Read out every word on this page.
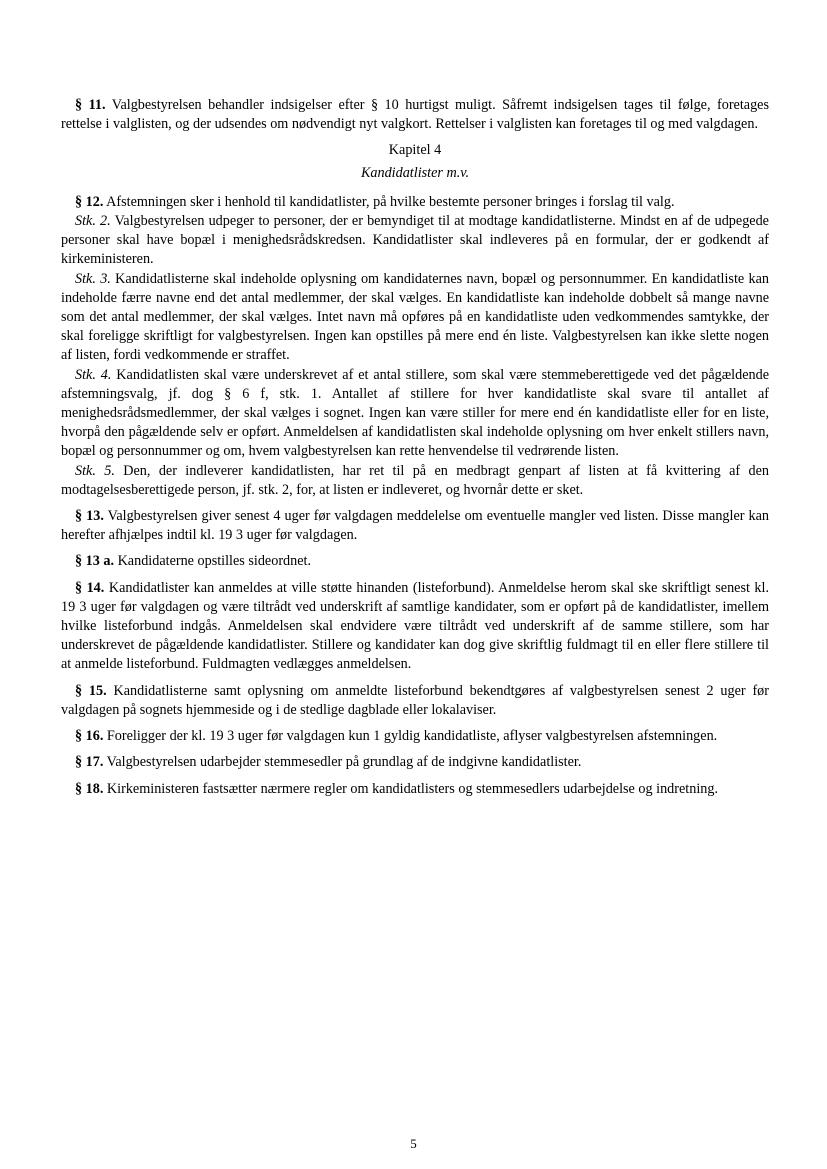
§ 11. Valgbestyrelsen behandler indsigelser efter § 10 hurtigst muligt. Såfremt indsigelsen tages til følge, foretages rettelse i valglisten, og der udsendes om nødvendigt nyt valgkort. Rettelser i valglisten kan foretages til og med valgdagen.

Kapitel 4

Kandidatlister m.v.

§ 12. Afstemningen sker i henhold til kandidatlister, på hvilke bestemte personer bringes i forslag til valg.

Stk. 2. Valgbestyrelsen udpeger to personer, der er bemyndiget til at modtage kandidatlisterne. Mindst en af de udpegede personer skal have bopæl i menighedsrådskredsen. Kandidatlister skal indleveres på en formular, der er godkendt af kirkeministeren.

Stk. 3. Kandidatlisterne skal indeholde oplysning om kandidaternes navn, bopæl og personnummer. En kandidatliste kan indeholde færre navne end det antal medlemmer, der skal vælges. En kandidatliste kan indeholde dobbelt så mange navne som det antal medlemmer, der skal vælges. Intet navn må opføres på en kandidatliste uden vedkommendes samtykke, der skal foreligge skriftligt for valgbestyrelsen. Ingen kan opstilles på mere end én liste. Valgbestyrelsen kan ikke slette nogen af listen, fordi vedkommende er straffet.

Stk. 4. Kandidatlisten skal være underskrevet af et antal stillere, som skal være stemmeberettigede ved det pågældende afstemningsvalg, jf. dog § 6 f, stk. 1. Antallet af stillere for hver kandidatliste skal svare til antallet af menighedsrådsmedlemmer, der skal vælges i sognet. Ingen kan være stiller for mere end én kandidatliste eller for en liste, hvorpå den pågældende selv er opført. Anmeldelsen af kandidatlisten skal indeholde oplysning om hver enkelt stillers navn, bopæl og personnummer og om, hvem valgbestyrelsen kan rette henvendelse til vedrørende listen.

Stk. 5. Den, der indleverer kandidatlisten, har ret til på en medbragt genpart af listen at få kvittering af den modtagelsesberettigede person, jf. stk. 2, for, at listen er indleveret, og hvornår dette er sket.

§ 13. Valgbestyrelsen giver senest 4 uger før valgdagen meddelelse om eventuelle mangler ved listen. Disse mangler kan herefter afhjælpes indtil kl. 19 3 uger før valgdagen.

§ 13 a. Kandidaterne opstilles sideordnet.

§ 14. Kandidatlister kan anmeldes at ville støtte hinanden (listeforbund). Anmeldelse herom skal ske skriftligt senest kl. 19 3 uger før valgdagen og være tiltrådt ved underskrift af samtlige kandidater, som er opført på de kandidatlister, imellem hvilke listeforbund indgås. Anmeldelsen skal endvidere være tiltrådt ved underskrift af de samme stillere, som har underskrevet de pågældende kandidatlister. Stillere og kandidater kan dog give skriftlig fuldmagt til en eller flere stillere til at anmelde listeforbund. Fuldmagten vedlægges anmeldelsen.

§ 15. Kandidatlisterne samt oplysning om anmeldte listeforbund bekendtgøres af valgbestyrelsen senest 2 uger før valgdagen på sognets hjemmeside og i de stedlige dagblade eller lokalaviser.

§ 16. Foreligger der kl. 19 3 uger før valgdagen kun 1 gyldig kandidatliste, aflyser valgbestyrelsen afstemningen.

§ 17. Valgbestyrelsen udarbejder stemmesedler på grundlag af de indgivne kandidatlister.

§ 18. Kirkeministeren fastsætter nærmere regler om kandidatlisters og stemmesedlers udarbejdelse og indretning.

5
